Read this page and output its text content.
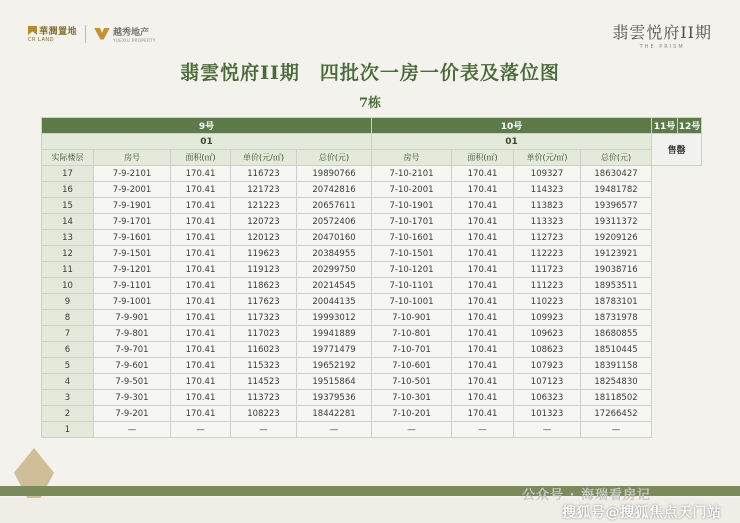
華潤置地
CR LAND
越秀地产
YUEXIU PROPERTY	翡雲悦府II期
THE PRISM
翡雲悦府II期　四批次一房一价表及落位图
7栋
9号					10号				11号	12号
01					01				售罄	
实际楼层	房号	面积(㎡)	单价(元/㎡)	总价(元)	房号	面积(㎡)	单价(元/㎡)	总价(元)		
17	7-9-2101	170.41	116723	19890766	7-10-2101	170.41	109327	18630427		
16	7-9-2001	170.41	121723	20742816	7-10-2001	170.41	114323	19481782		
15	7-9-1901	170.41	121223	20657611	7-10-1901	170.41	113823	19396577		
14	7-9-1701	170.41	120723	20572406	7-10-1701	170.41	113323	19311372		
13	7-9-1601	170.41	120123	20470160	7-10-1601	170.41	112723	19209126		
12	7-9-1501	170.41	119623	20384955	7-10-1501	170.41	112223	19123921		
11	7-9-1201	170.41	119123	20299750	7-10-1201	170.41	111723	19038716		
10	7-9-1101	170.41	118623	20214545	7-10-1101	170.41	111223	18953511		
9	7-9-1001	170.41	117623	20044135	7-10-1001	170.41	110223	18783101		
8	7-9-901	170.41	117323	19993012	7-10-901	170.41	109923	18731978		
7	7-9-801	170.41	117023	19941889	7-10-801	170.41	109623	18680855		
6	7-9-701	170.41	116023	19771479	7-10-701	170.41	108623	18510445		
5	7-9-601	170.41	115323	19652192	7-10-601	170.41	107923	18391158		
4	7-9-501	170.41	114523	19515864	7-10-501	170.41	107123	18254830		
3	7-9-301	170.41	113723	19379536	7-10-301	170.41	106323	18118502		
2	7-9-201	170.41	108223	18442281	7-10-201	170.41	101323	17266452		
1	—	—	—	—	—	—	—	—		
公众号 · 海瑞看房记
搜狐号@搜狐焦点天门站
